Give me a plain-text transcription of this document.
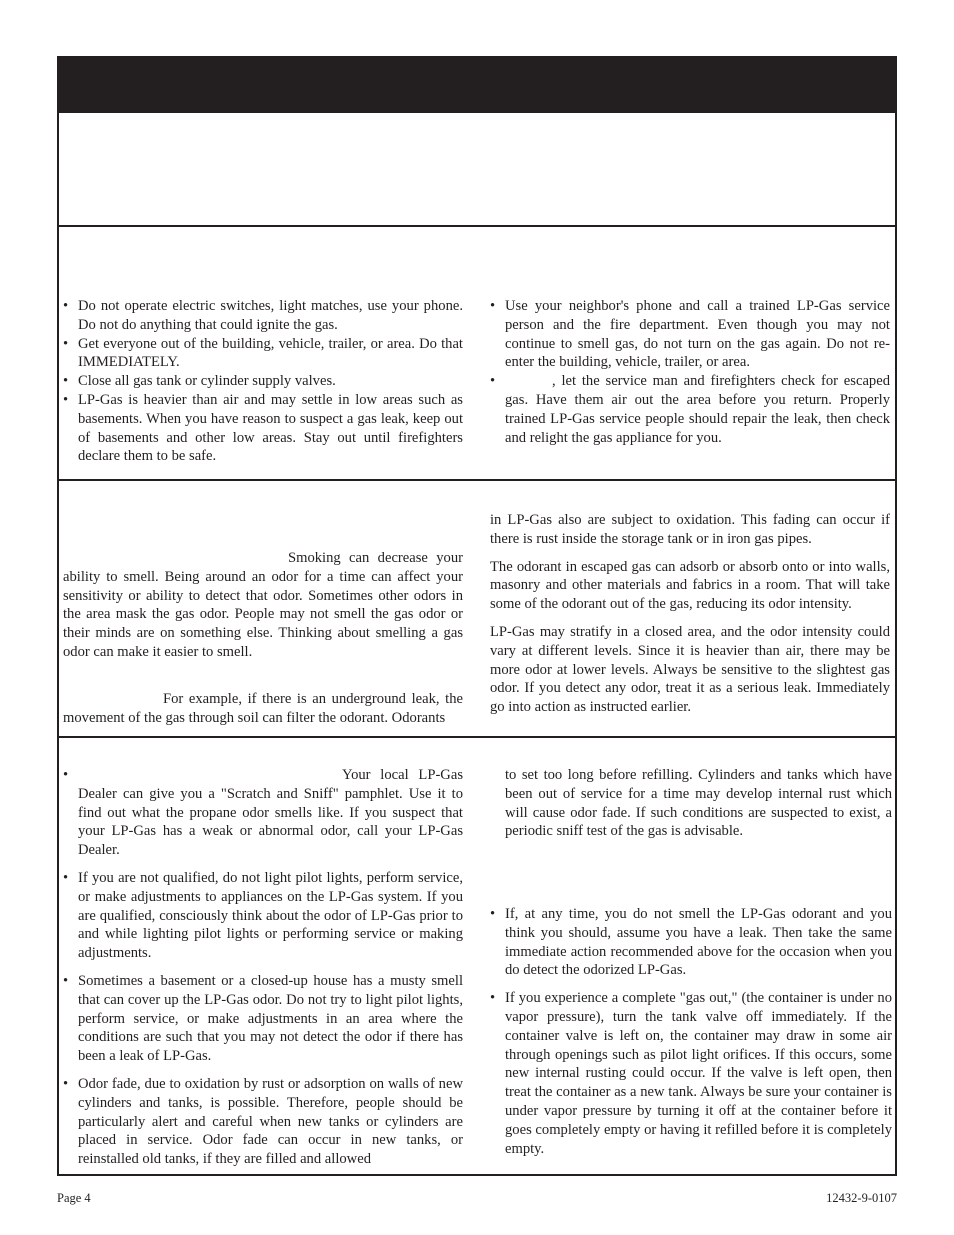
• Do not operate electric switches, light matches, use your phone. Do not do anything that could ignite the gas.
• Get everyone out of the building, vehicle, trailer, or area. Do that IMMEDIATELY.
• Close all gas tank or cylinder supply valves.
• LP-Gas is heavier than air and may settle in low areas such as basements. When you have reason to suspect a gas leak, keep out of basements and other low areas. Stay out until firefighters declare them to be safe.
• Use your neighbor's phone and call a trained LP-Gas service person and the fire department. Even though you may not continue to smell gas, do not turn on the gas again. Do not re-enter the building, vehicle, trailer, or area.
• , let the service man and firefighters check for escaped gas. Have them air out the area before you return. Properly trained LP-Gas service people should repair the leak, then check and relight the gas appliance for you.

Smoking can decrease your ability to smell. Being around an odor for a time can affect your sensitivity or ability to detect that odor. Sometimes other odors in the area mask the gas odor. People may not smell the gas odor or their minds are on something else. Thinking about smelling a gas odor can make it easier to smell.

For example, if there is an underground leak, the movement of the gas through soil can filter the odorant. Odorants

in LP-Gas also are subject to oxidation. This fading can occur if there is rust inside the storage tank or in iron gas pipes.

The odorant in escaped gas can adsorb or absorb onto or into walls, masonry and other materials and fabrics in a room. That will take some of the odorant out of the gas, reducing its odor intensity.

LP-Gas may stratify in a closed area, and the odor intensity could vary at different levels. Since it is heavier than air, there may be more odor at lower levels. Always be sensitive to the slightest gas odor. If you detect any odor, treat it as a serious leak. Immediately go into action as instructed earlier.

• Your local LP-Gas Dealer can give you a "Scratch and Sniff" pamphlet. Use it to find out what the propane odor smells like. If you suspect that your LP-Gas has a weak or abnormal odor, call your LP-Gas Dealer.
• If you are not qualified, do not light pilot lights, perform service, or make adjustments to appliances on the LP-Gas system. If you are qualified, consciously think about the odor of LP-Gas prior to and while lighting pilot lights or performing service or making adjustments.
• Sometimes a basement or a closed-up house has a musty smell that can cover up the LP-Gas odor. Do not try to light pilot lights, perform service, or make adjustments in an area where the conditions are such that you may not detect the odor if there has been a leak of LP-Gas.
• Odor fade, due to oxidation by rust or adsorption on walls of new cylinders and tanks, is possible. Therefore, people should be particularly alert and careful when new tanks or cylinders are placed in service. Odor fade can occur in new tanks, or reinstalled old tanks, if they are filled and allowed

to set too long before refilling. Cylinders and tanks which have been out of service for a time may develop internal rust which will cause odor fade. If such conditions are suspected to exist, a periodic sniff test of the gas is advisable.

• If, at any time, you do not smell the LP-Gas odorant and you think you should, assume you have a leak. Then take the same immediate action recommended above for the occasion when you do detect the odorized LP-Gas.
• If you experience a complete "gas out," (the container is under no vapor pressure), turn the tank valve off immediately. If the container valve is left on, the container may draw in some air through openings such as pilot light orifices. If this occurs, some new internal rusting could occur. If the valve is left open, then treat the container as a new tank. Always be sure your container is under vapor pressure by turning it off at the container before it goes completely empty or having it refilled before it is completely empty.
Page 4	12432-9-0107
